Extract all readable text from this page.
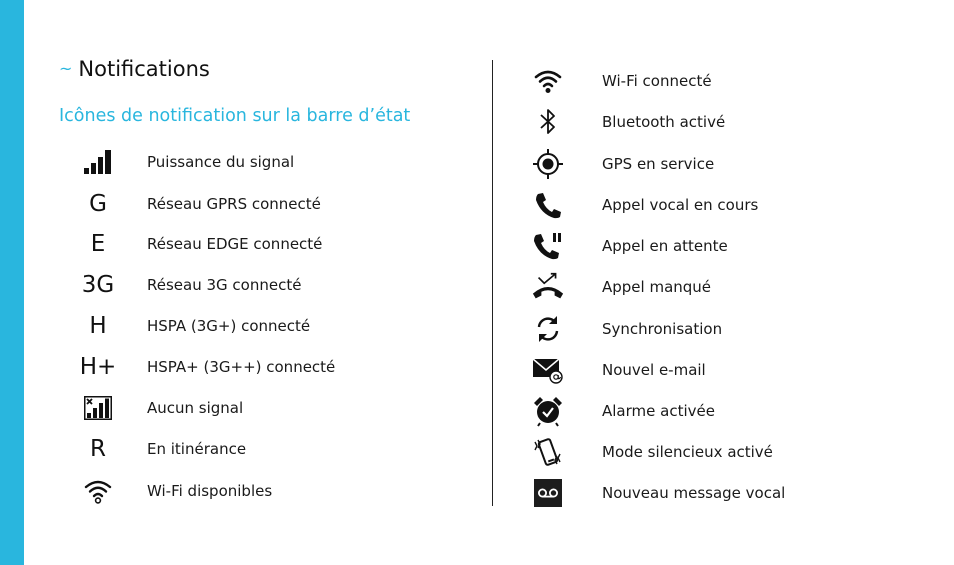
~ Notifications
Icônes de notification sur la barre d’état
Puissance du signal
G	Réseau GPRS connecté
E	Réseau EDGE connecté
3G Réseau 3G connecté
H	HSPA (3G+) connecté
H+ HSPA+ (3G++) connecté
Aucun signal
R	En itinérance
Wi-Fi disponibles
Wi-Fi connecté
Bluetooth activé
GPS en service
Appel vocal en cours
Appel en attente
Appel manqué
Synchronisation
Nouvel e-mail
Alarme activée
Mode silencieux activé
Nouveau message vocal
